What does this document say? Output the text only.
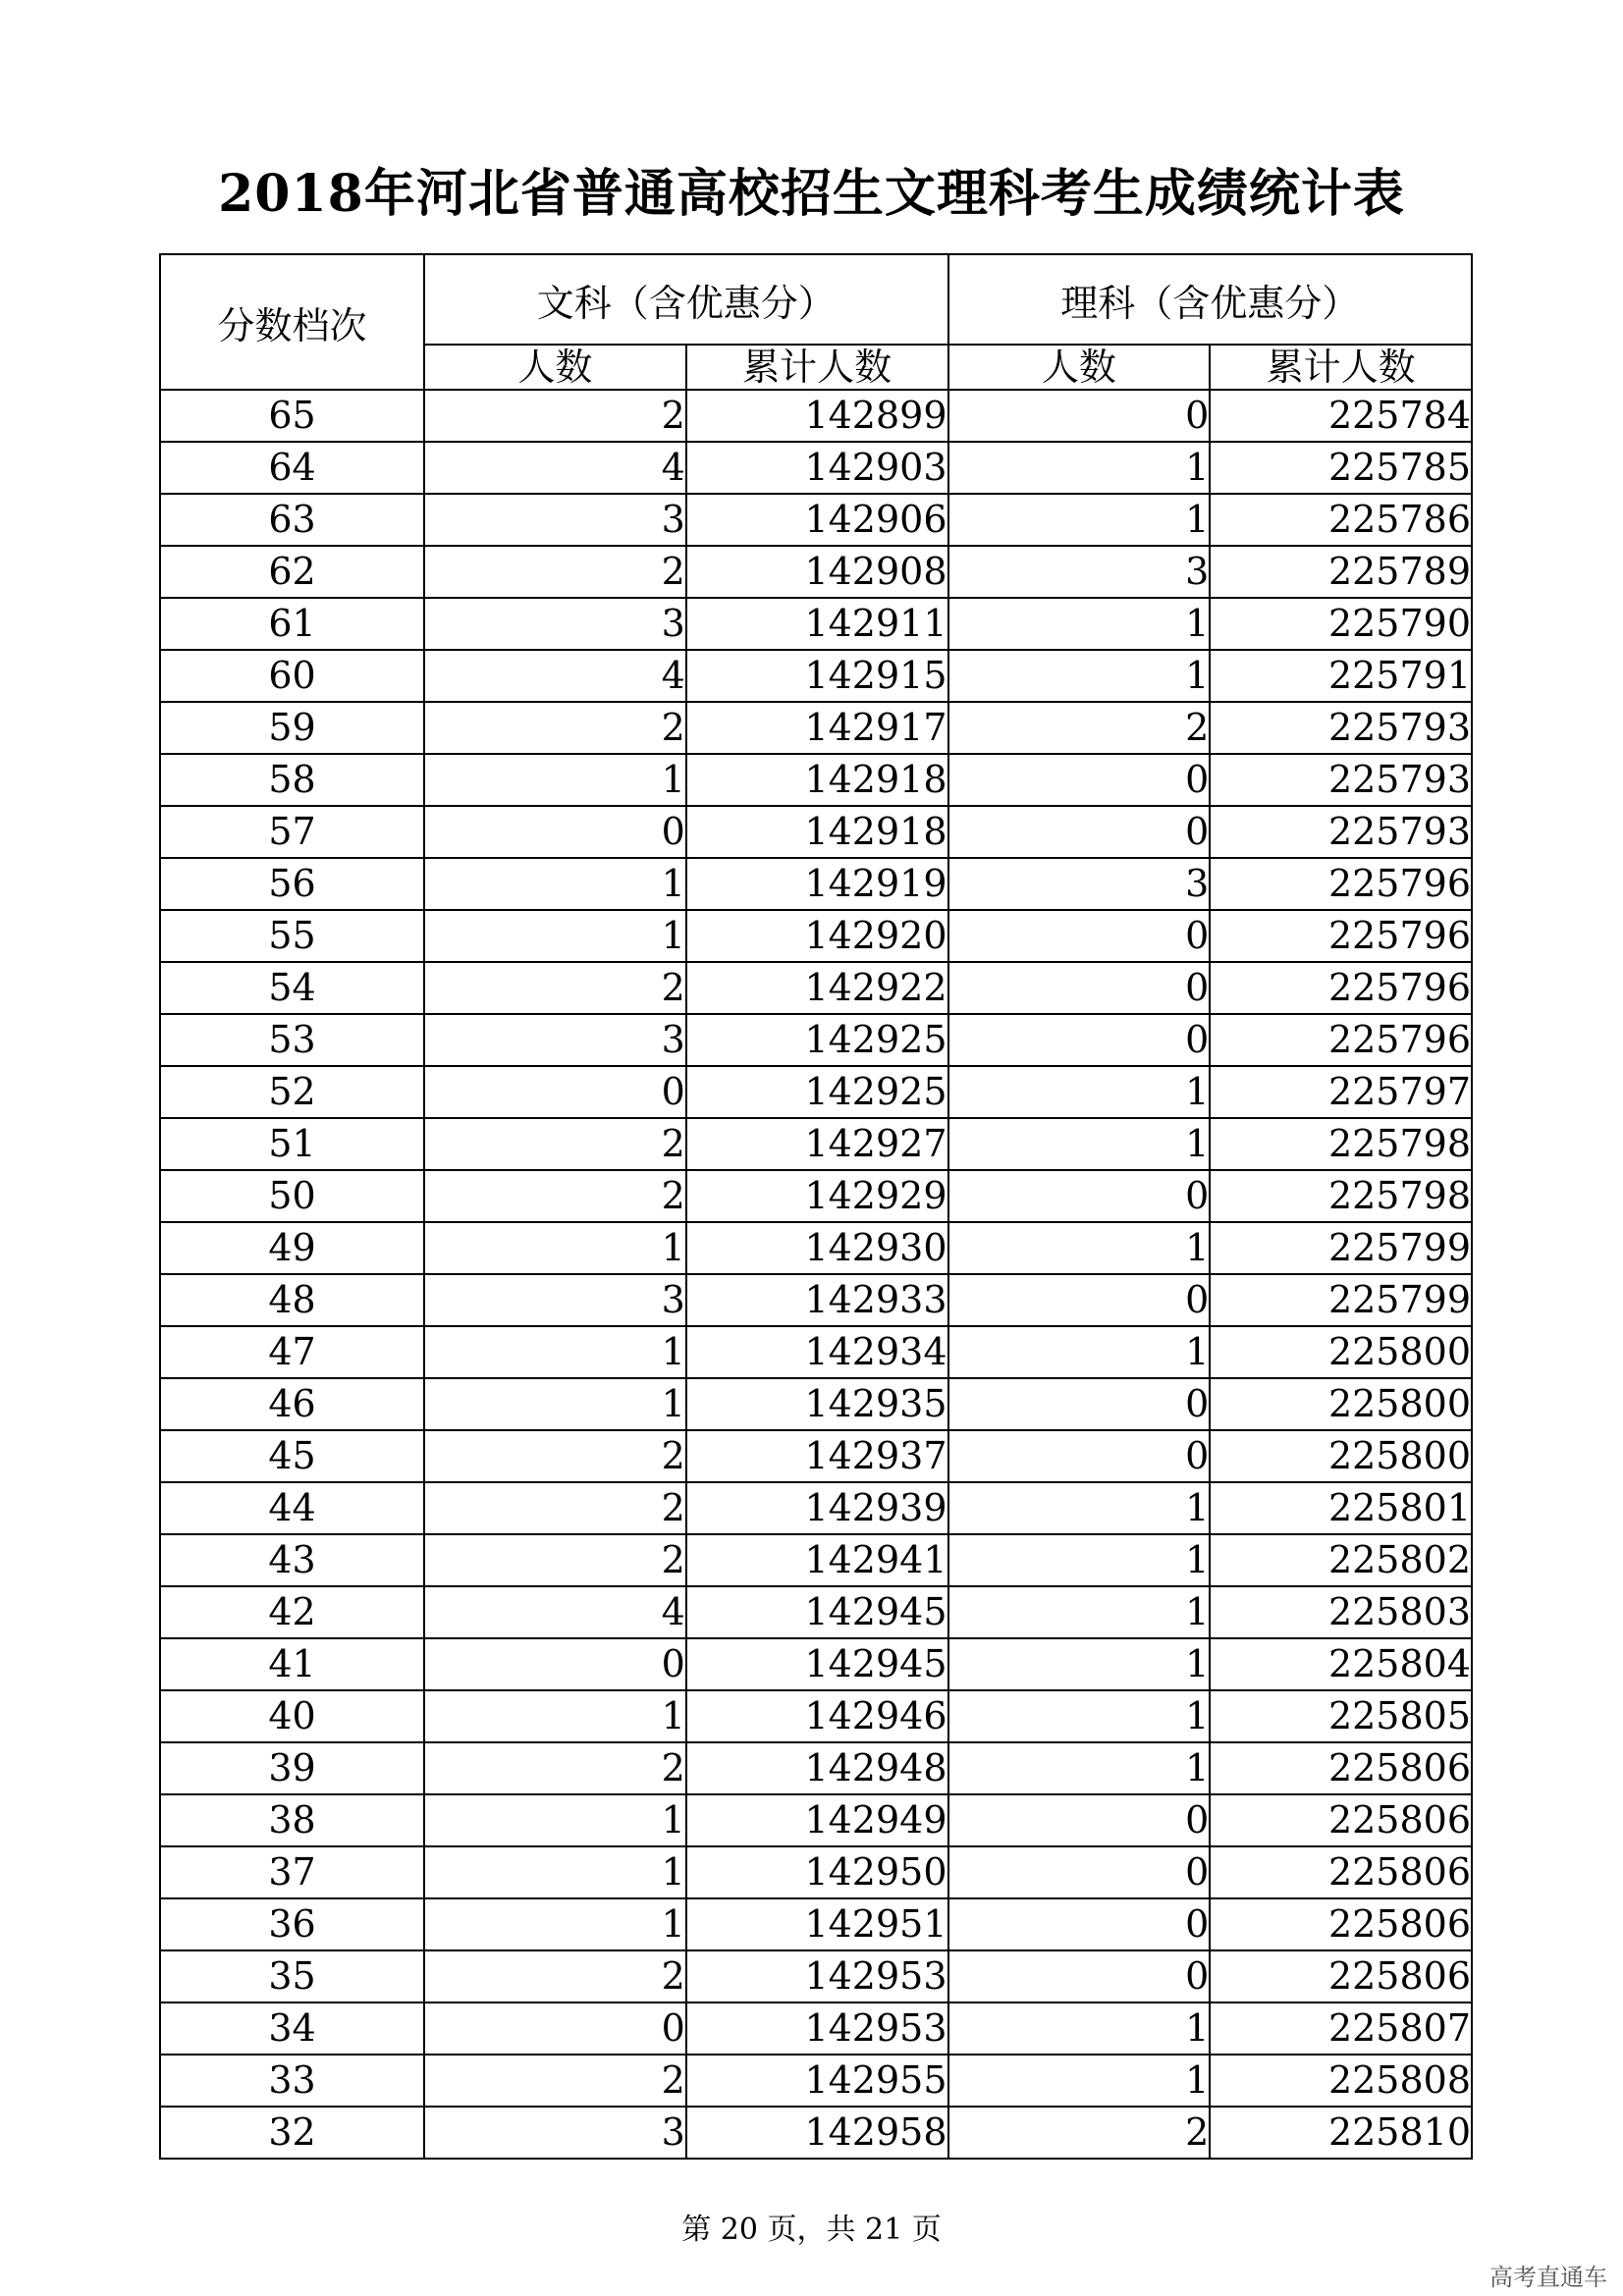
2018年河北省普通高校招生文理科考生成绩统计表
分数档次	文科（含优惠分）		理科（含优惠分）	
	人数	累计人数	人数	累计人数
65	2	142899	0	225784
64	4	142903	1	225785
63	3	142906	1	225786
62	2	142908	3	225789
61	3	142911	1	225790
60	4	142915	1	225791
59	2	142917	2	225793
58	1	142918	0	225793
57	0	142918	0	225793
56	1	142919	3	225796
55	1	142920	0	225796
54	2	142922	0	225796
53	3	142925	0	225796
52	0	142925	1	225797
51	2	142927	1	225798
50	2	142929	0	225798
49	1	142930	1	225799
48	3	142933	0	225799
47	1	142934	1	225800
46	1	142935	0	225800
45	2	142937	0	225800
44	2	142939	1	225801
43	2	142941	1	225802
42	4	142945	1	225803
41	0	142945	1	225804
40	1	142946	1	225805
39	2	142948	1	225806
38	1	142949	0	225806
37	1	142950	0	225806
36	1	142951	0	225806
35	2	142953	0	225806
34	0	142953	1	225807
33	2	142955	1	225808
32	3	142958	2	225810
第 20 页，共 21 页
高考直通车
